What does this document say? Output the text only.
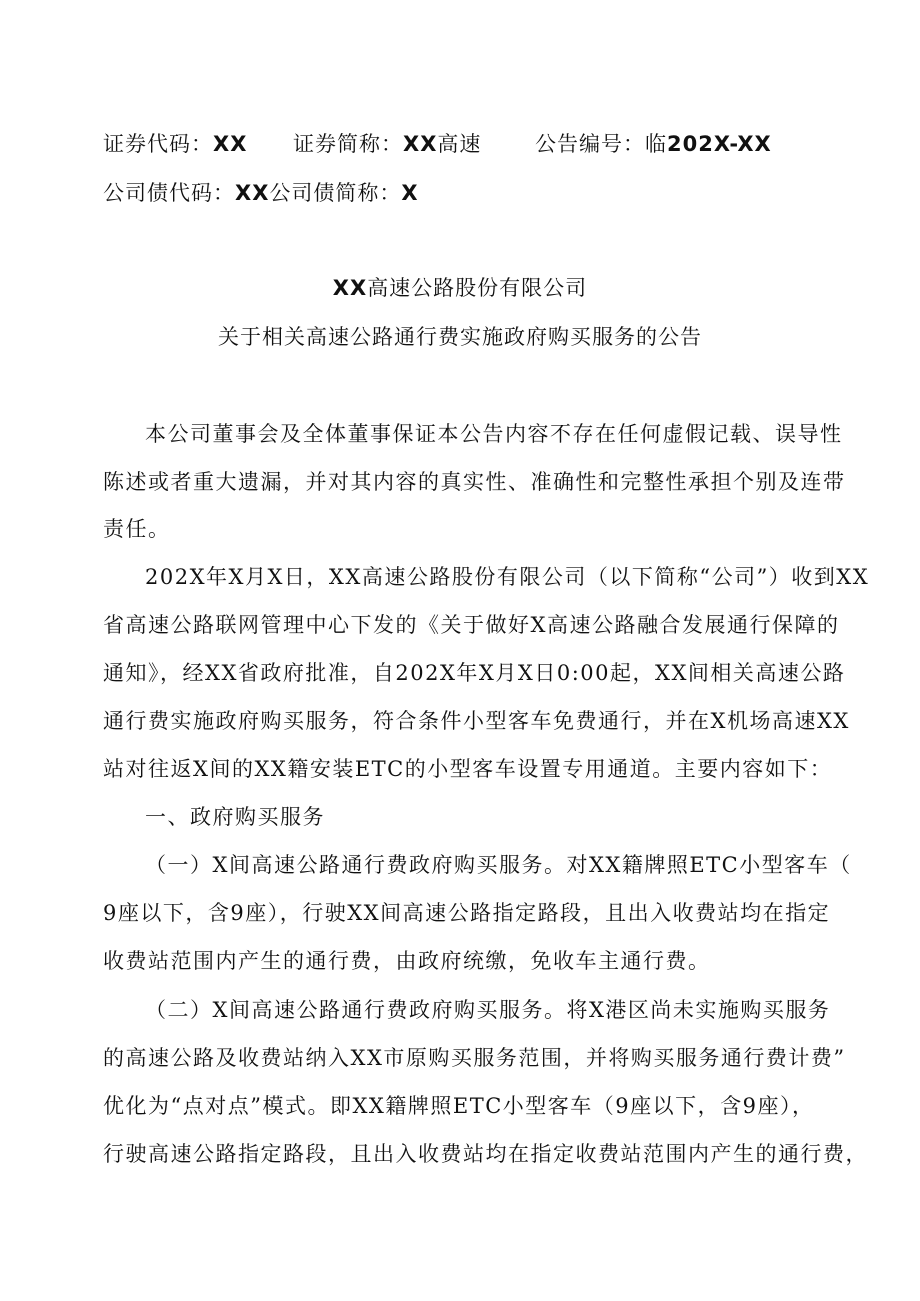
证券代码：XX 证券简称：XX高速	公告编号：临202X-XX
公司债代码：XX公司债简称：X
XX高速公路股份有限公司
关于相关高速公路通行费实施政府购买服务的公告
本公司董事会及全体董事保证本公告内容不存在任何虚假记载、误导性
陈述或者重大遗漏，并对其内容的真实性、准确性和完整性承担个别及连带
责任。
202X年X月X日，XX高速公路股份有限公司（以下简称“公司”）收到XX
省高速公路联网管理中心下发的《关于做好X高速公路融合发展通行保障的
通知》，经XX省政府批准，自202X年X月X日0:00起，XX间相关高速公路
通行费实施政府购买服务，符合条件小型客车免费通行，并在X机场高速XX
站对往返X间的XX籍安装ETC的小型客车设置专用通道。主要内容如下：
一、政府购买服务
（一）X间高速公路通行费政府购买服务。对XX籍牌照ETC小型客车（
9座以下，含9座），行驶XX间高速公路指定路段，且出入收费站均在指定
收费站范围内产生的通行费，由政府统缴，免收车主通行费。
（二）X间高速公路通行费政府购买服务。将X港区尚未实施购买服务
的高速公路及收费站纳入XX市原购买服务范围，并将购买服务通行费计费”
优化为“点对点”模式。即XX籍牌照ETC小型客车（9座以下，含9座），
行驶高速公路指定路段，且出入收费站均在指定收费站范围内产生的通行费，
